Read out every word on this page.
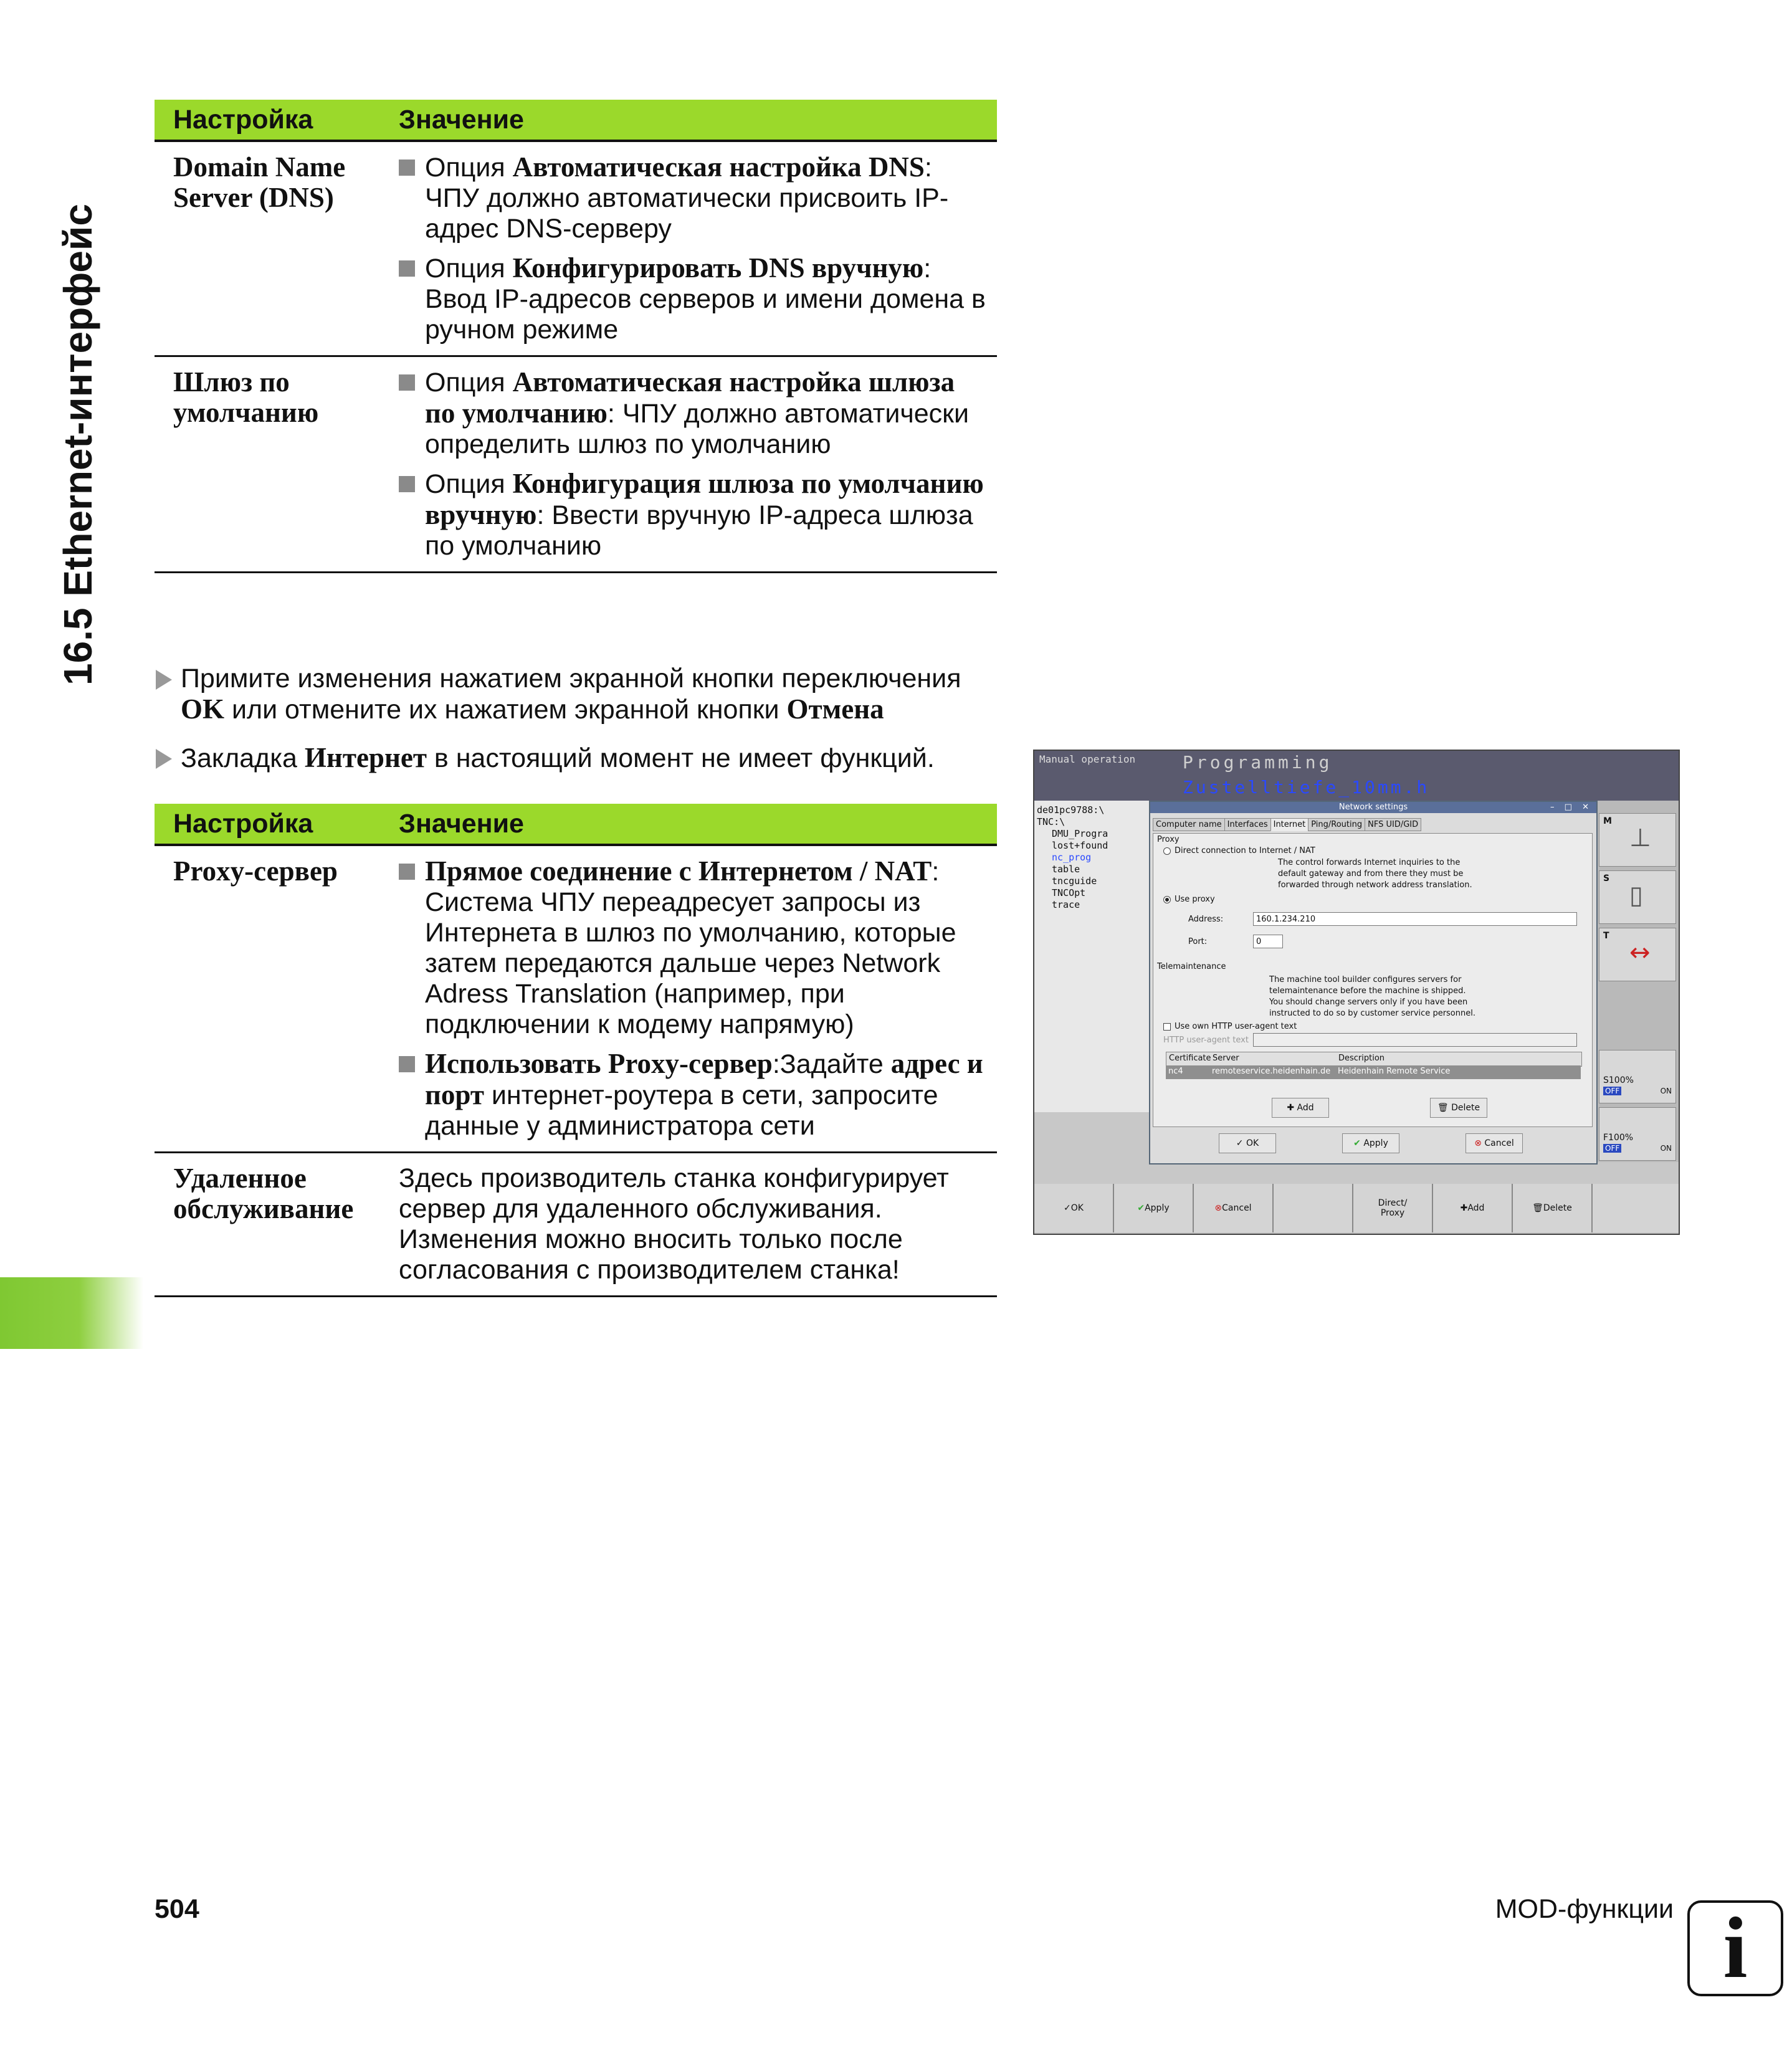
16.5 Ethernet-интерфейс
Настройка	Значение
Domain Name Server (DNS)	Опция Автоматическая настройка DNS: ЧПУ должно автоматически присвоить IP-адрес DNS-серверу
Опция Конфигурировать DNS вручную: Ввод IP-адресов серверов и имени домена в ручном режиме

Шлюз по умолчанию	Опция Автоматическая настройка шлюза по умолчанию: ЧПУ должно автоматически определить шлюз по умолчанию
Опция Конфигурация шлюза по умолчанию вручную: Ввести вручную IP-адреса шлюза по умолчанию
Примите изменения нажатием экранной кнопки переключения OK или отмените их нажатием экранной кнопки Отмена
Закладка Интернет в настоящий момент не имеет функций.
Настройка	Значение
Proxy-сервер	Прямое соединение с Интернетом / NAT: Система ЧПУ переадресует запросы из Интернета в шлюз по умолчанию, которые затем передаются дальше через Network Adress Translation (например, при подключении к модему напрямую)
Использовать Proxy-сервер:Задайте адрес и порт интернет-роутера в сети, запросите данные у администратора сети

Удаленное обслуживание	Здесь производитель станка конфигурирует сервер для удаленного обслуживания. Изменения можно вносить только после согласования с производителем станка!
Manual operation	Programming
Zustelltiefe_10mm.h
de01pc9788:\
TNC:\
DMU_Progra
lost+found
nc_prog
table
tncguide
TNCOpt
trace
M
⊥
S
▯
T
↔
S100%
OFF	ON
F100%
OFF	ON
Network settings	– □ ✕
Computer name Interfaces Internet Ping/Routing NFS UID/GID
Proxy
Direct connection to Internet / NAT
The control forwards Internet inquiries to the
default gateway and from there they must be
forwarded through network address translation.
Use proxy
Address:	160.1.234.210
Port:	0
Telemaintenance
The machine tool builder configures servers for
telemaintenance before the machine is shipped.
You should change servers only if you have been
instructed to do so by customer service personnel.
Use own HTTP user-agent text
HTTP user-agent text
Certificate Server	Description
nc4	remoteservice.heidenhain.de Heidenhain Remote Service
✚ Add	🗑 Delete
✓ OK	✔ Apply	⊗ Cancel
✓ OK	✔ Apply	⊗ Cancel	Direct/
Proxy	✚ Add	🗑 Delete
504	MOD-функции i
